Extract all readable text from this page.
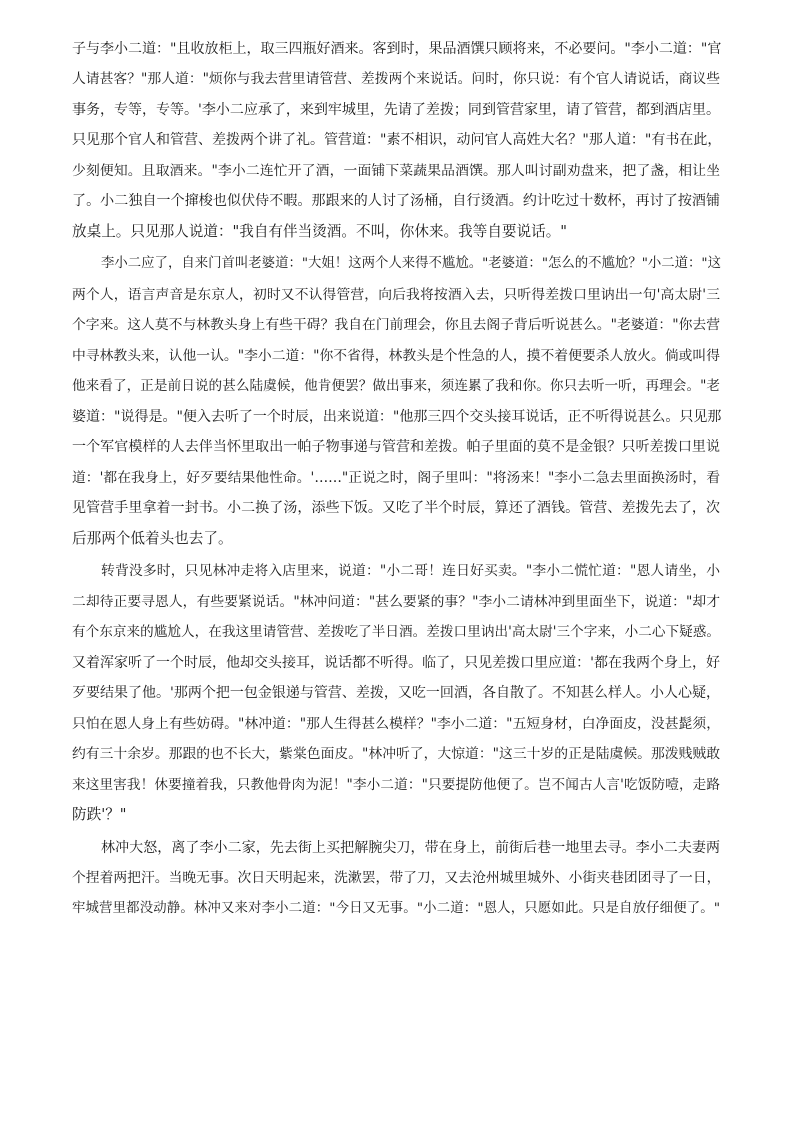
子与李小二道："且收放柜上，取三四瓶好酒来。客到时，果品酒馔只顾将来，不必要问。"李小二道："官
人请甚客？"那人道："烦你与我去营里请管营、差拨两个来说话。问时，你只说：有个官人请说话，商议些
事务，专等，专等。'李小二应承了，来到牢城里，先请了差拨；同到管营家里，请了管营，都到酒店里。
只见那个官人和管营、差拨两个讲了礼。管营道："素不相识，动问官人高姓大名？"那人道："有书在此，
少刻便知。且取酒来。"李小二连忙开了酒，一面铺下菜蔬果品酒馔。那人叫讨副劝盘来，把了盏，相让坐
了。小二独自一个撺梭也似伏侍不暇。那跟来的人讨了汤桶，自行烫酒。约计吃过十数杯，再讨了按酒铺
放桌上。只见那人说道："我自有伴当烫酒。不叫，你休来。我等自要说话。"
李小二应了，自来门首叫老婆道："大姐！这两个人来得不尴尬。"老婆道："怎么的不尴尬？"小二道："这
两个人，语言声音是东京人，初时又不认得管营，向后我将按酒入去，只听得差拨口里讷出一句'高太尉'三
个字来。这人莫不与林教头身上有些干碍？我自在门前理会，你且去阁子背后听说甚么。"老婆道："你去营
中寻林教头来，认他一认。"李小二道："你不省得，林教头是个性急的人，摸不着便要杀人放火。倘或叫得
他来看了，正是前日说的甚么陆虞候，他肯便罢？做出事来，须连累了我和你。你只去听一听，再理会。"老
婆道："说得是。"便入去听了一个时辰，出来说道："他那三四个交头接耳说话，正不听得说甚么。只见那
一个军官模样的人去伴当怀里取出一帕子物事递与管营和差拨。帕子里面的莫不是金银？只听差拨口里说
道：'都在我身上，好歹要结果他性命。'……"正说之时，阁子里叫："将汤来！"李小二急去里面换汤时，看
见管营手里拿着一封书。小二换了汤，添些下饭。又吃了半个时辰，算还了酒钱。管营、差拨先去了，次
后那两个低着头也去了。
转背没多时，只见林冲走将入店里来，说道："小二哥！连日好买卖。"李小二慌忙道："恩人请坐，小
二却待正要寻恩人，有些要紧说话。"林冲问道："甚么要紧的事？"李小二请林冲到里面坐下，说道："却才
有个东京来的尴尬人，在我这里请管营、差拨吃了半日酒。差拨口里讷出'高太尉'三个字来，小二心下疑惑。
又着浑家听了一个时辰，他却交头接耳，说话都不听得。临了，只见差拨口里应道：'都在我两个身上，好
歹要结果了他。'那两个把一包金银递与管营、差拨，又吃一回酒，各自散了。不知甚么样人。小人心疑，
只怕在恩人身上有些妨碍。"林冲道："那人生得甚么模样？"李小二道："五短身材，白净面皮，没甚髭须，
约有三十余岁。那跟的也不长大，紫棠色面皮。"林冲听了，大惊道："这三十岁的正是陆虞候。那泼贱贼敢
来这里害我！休要撞着我，只教他骨肉为泥！"李小二道："只要提防他便了。岂不闻古人言'吃饭防噎，走路
防跌'？"
林冲大怒，离了李小二家，先去街上买把解腕尖刀，带在身上，前街后巷一地里去寻。李小二夫妻两
个捏着两把汗。当晚无事。次日天明起来，洗漱罢，带了刀，又去沧州城里城外、小街夹巷团团寻了一日，
牢城营里都没动静。林冲又来对李小二道："今日又无事。"小二道："恩人，只愿如此。只是自放仔细便了。"
